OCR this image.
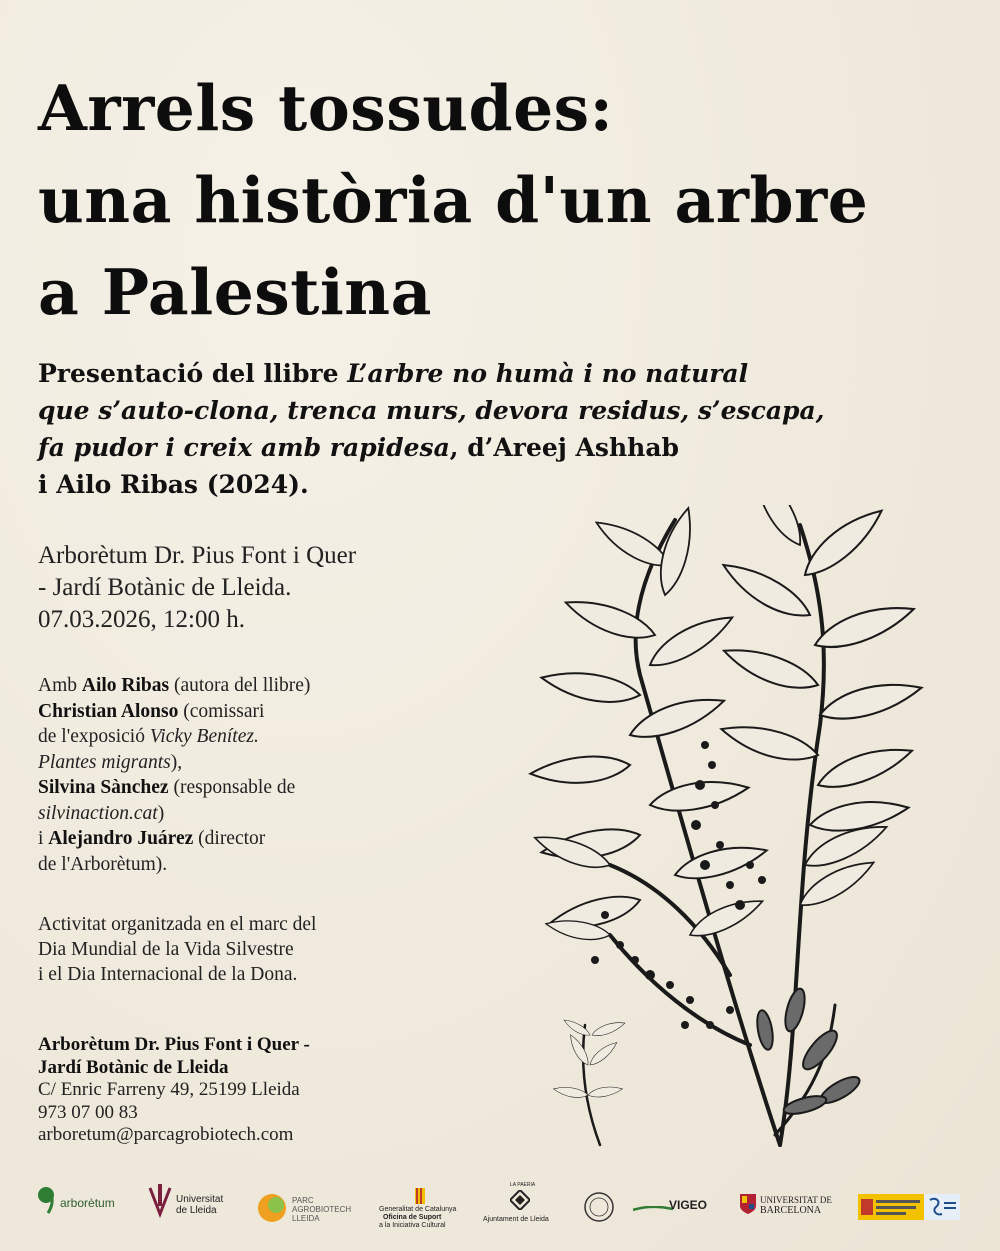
Arrels tossudes:
una història d'un arbre
a Palestina
Presentació del llibre L’arbre no humà i no natural
que s’auto-clona, trenca murs, devora residus, s’escapa,
fa pudor i creix amb rapidesa, d’Areej Ashhab
i Ailo Ribas (2024).
Arborètum Dr. Pius Font i Quer
- Jardí Botànic de Lleida.
07.03.2026, 12:00 h.
Amb Ailo Ribas (autora del llibre)
Christian Alonso (comissari
de l'exposició Vicky Benítez.
Plantes migrants),
Silvina Sànchez (responsable de
silvinaction.cat)
i Alejandro Juárez (director
de l'Arborètum).
Activitat organitzada en el marc del
Dia Mundial de la Vida Silvestre
i el Dia Internacional de la Dona.
Arborètum Dr. Pius Font i Quer -
Jardí Botànic de Lleida
C/ Enric Farreny 49, 25199 Lleida
973 07 00 83
arboretum@parcagrobiotech.com
arborètum	Universitat
de Lleida
PARC
AGROBIOTECH
LLEIDA
Generalitat de Catalunya
Oficina de Suport
a la Iniciativa Cultural
LA PAERIA
Ajuntament de Lleida
VIGEO	UNIVERSITAT DE
BARCELONA
